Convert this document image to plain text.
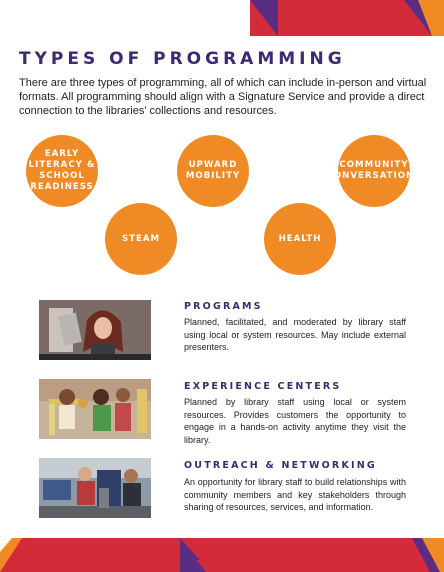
TYPES OF PROGRAMMING

There are three types of programming, all of which can include in-person and virtual formats. All programming should align with a Signature Service and provide a direct connection to the libraries' collections and resources.

EARLY
LITERACY &
SCHOOL
READINESS
UPWARD
MOBILITY
COMMUNITY
CONVERSATIONS
STEAM	HEALTH
PROGRAMS

Planned, facilitated, and moderated by library staff using local or system resources. May include external presenters.

EXPERIENCE CENTERS

Planned by library staff using local or system resources. Provides customers the opportunity to engage in a hands-on activity anytime they visit the library.

OUTREACH & NETWORKING

An opportunity for library staff to build relationships with community members and key stakeholders through sharing of resources, services, and information.
